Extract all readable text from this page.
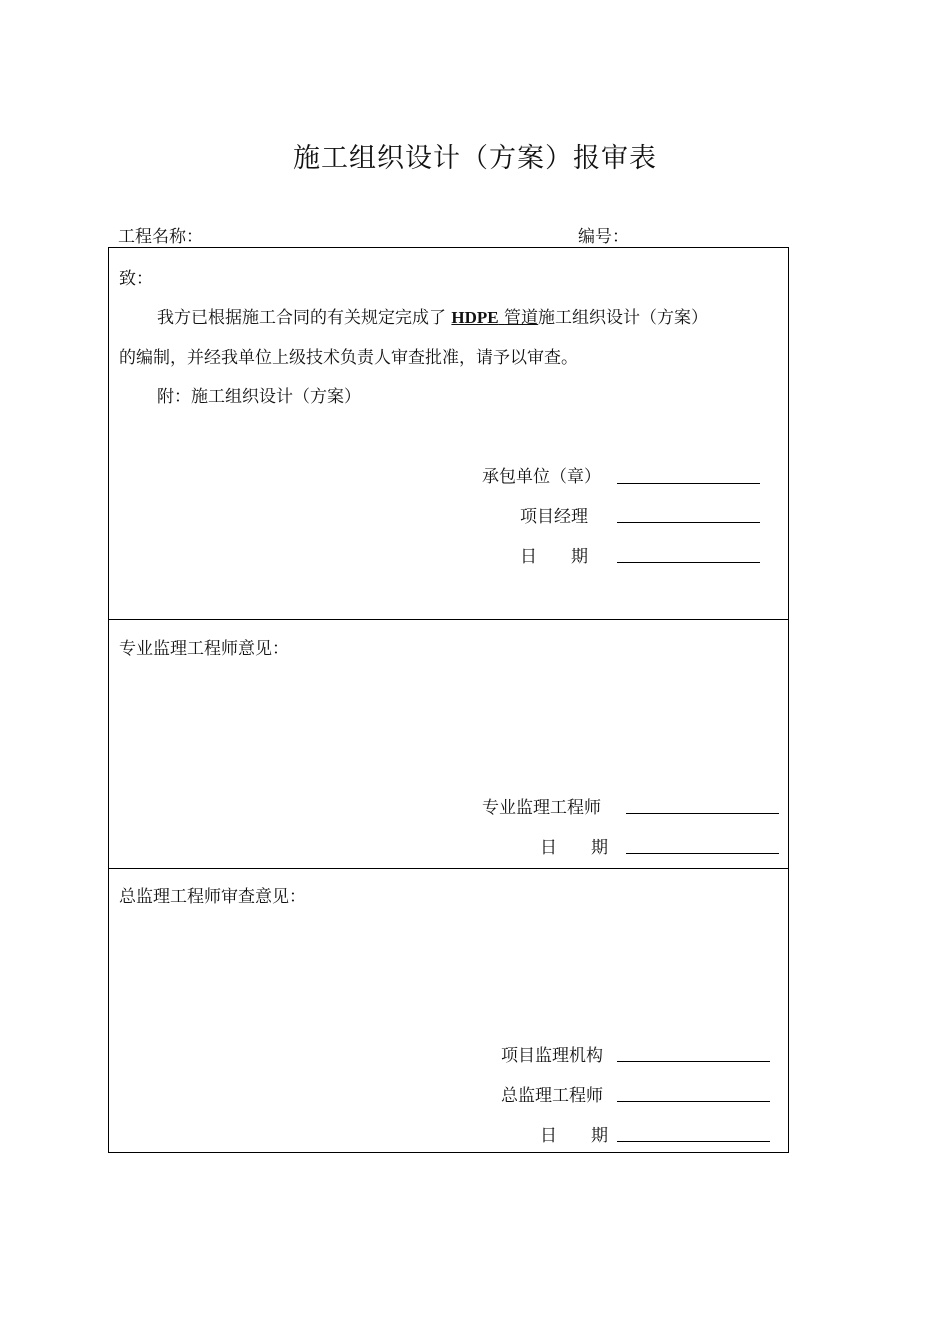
施工组织设计（方案）报审表
工程名称：	编号：
致：
我方已根据施工合同的有关规定完成了 HDPE 管道施工组织设计（方案）
的编制，并经我单位上级技术负责人审查批准，请予以审查。
附：施工组织设计（方案）
承包单位（章）
项目经理
日　　期
专业监理工程师意见：
专业监理工程师
日　　期
总监理工程师审查意见：
项目监理机构
总监理工程师
日　　期
